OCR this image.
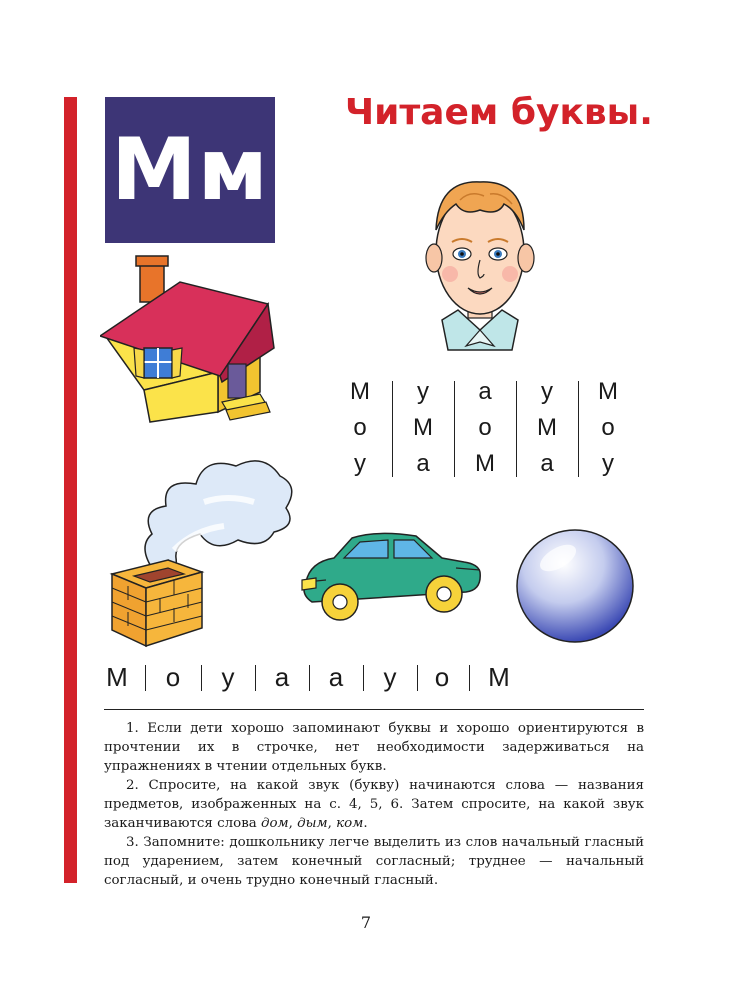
Мм
Читаем буквы.
М	у	а	у	М
о	М	о	М	о
у	а	М	а	у
М	о	у	а	а	у	о	М

1. Если дети хорошо запоминают буквы и хорошо ориентируются в прочтении их в строчке, нет необходимости задерживаться на упражнениях в чтении отдельных букв.

2. Спросите, на какой звук (букву) начинаются слова — названия предметов, изображенных на с. 4, 5, 6. Затем спросите, на какой звук заканчиваются слова дом, дым, ком.

3. Запомните: дошкольнику легче выделить из слов начальный гласный под ударением, затем конечный согласный; труднее — начальный согласный, и очень трудно конечный гласный.

7
